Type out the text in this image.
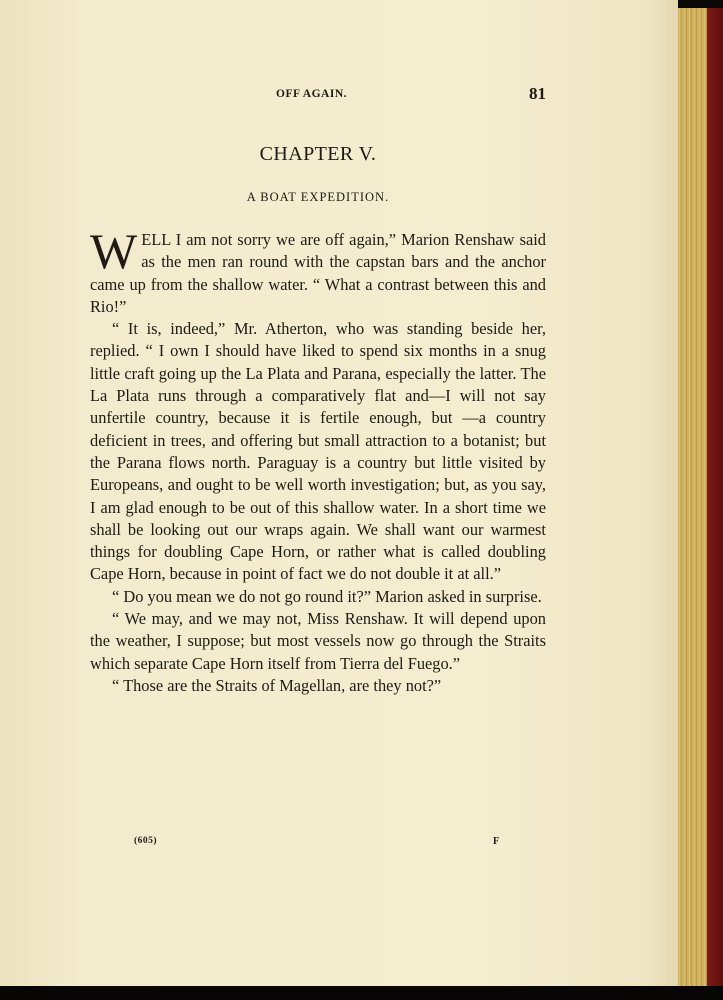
OFF AGAIN.	81
CHAPTER V.
A BOAT EXPEDITION.

WELL I am not sorry we are off again,” Marion Renshaw said as the men ran round with the capstan bars and the anchor came up from the shallow water. “ What a contrast between this and Rio!”

“ It is, indeed,” Mr. Atherton, who was standing beside her, replied. “ I own I should have liked to spend six months in a snug little craft going up the La Plata and Parana, especially the latter. The La Plata runs through a comparatively flat and—I will not say unfertile country, because it is fertile enough, but —a country deficient in trees, and offering but small attraction to a botanist; but the Parana flows north. Paraguay is a country but little visited by Europeans, and ought to be well worth investigation; but, as you say, I am glad enough to be out of this shallow water. In a short time we shall be looking out our wraps again. We shall want our warmest things for doubling Cape Horn, or rather what is called doubling Cape Horn, because in point of fact we do not double it at all.”

“ Do you mean we do not go round it?” Marion asked in surprise.

“ We may, and we may not, Miss Renshaw. It will depend upon the weather, I suppose; but most vessels now go through the Straits which separate Cape Horn itself from Tierra del Fuego.”

“ Those are the Straits of Magellan, are they not?”

(605)	F
